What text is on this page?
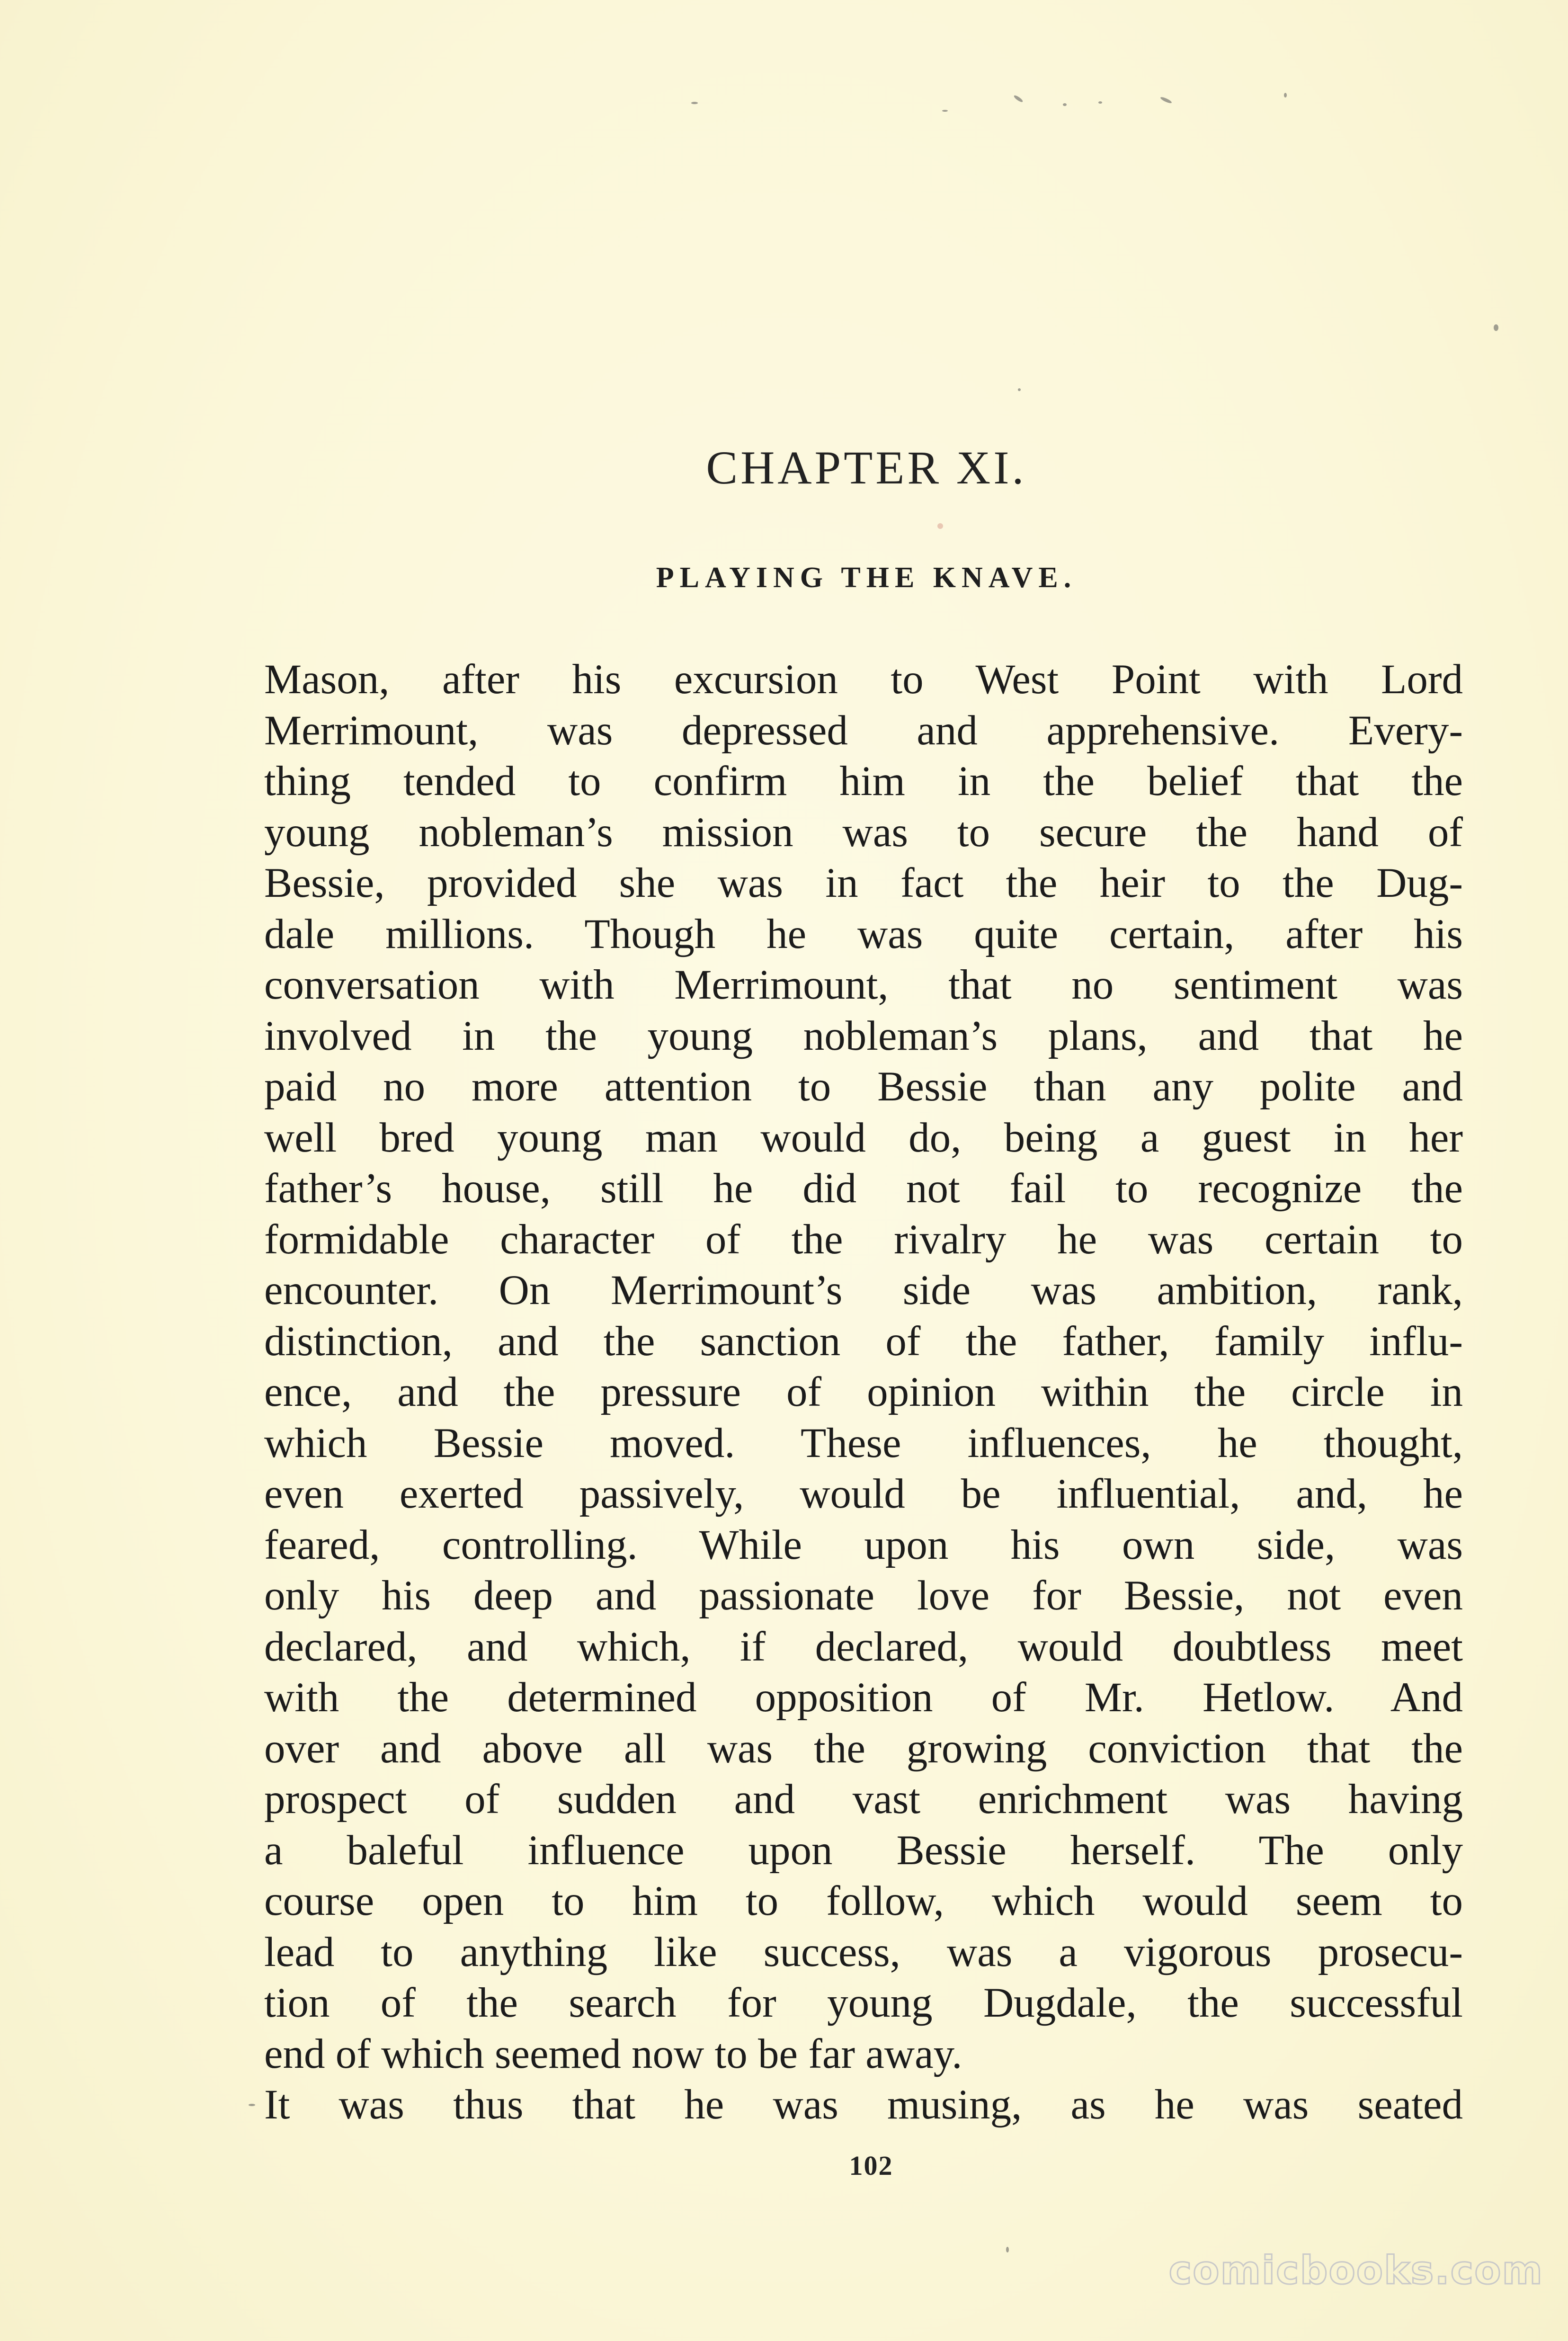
CHAPTER XI.
PLAYING THE KNAVE.
Mason, after his excursion to West Point with Lord
Merrimount, was depressed and apprehensive. Every-
thing tended to confirm him in the belief that the
young nobleman’s mission was to secure the hand of
Bessie, provided she was in fact the heir to the Dug-
dale millions. Though he was quite certain, after his
conversation with Merrimount, that no sentiment was
involved in the young nobleman’s plans, and that he
paid no more attention to Bessie than any polite and
well bred young man would do, being a guest in her
father’s house, still he did not fail to recognize the
formidable character of the rivalry he was certain to
encounter. On Merrimount’s side was ambition, rank,
distinction, and the sanction of the father, family influ-
ence, and the pressure of opinion within the circle in
which Bessie moved. These influences, he thought,
even exerted passively, would be influential, and, he
feared, controlling. While upon his own side, was
only his deep and passionate love for Bessie, not even
declared, and which, if declared, would doubtless meet
with the determined opposition of Mr. Hetlow. And
over and above all was the growing conviction that the
prospect of sudden and vast enrichment was having
a baleful influence upon Bessie herself. The only
course open to him to follow, which would seem to
lead to anything like success, was a vigorous prosecu-
tion of the search for young Dugdale, the successful
end of which seemed now to be far away.
It was thus that he was musing, as he was seated
102
comicbooks.com
